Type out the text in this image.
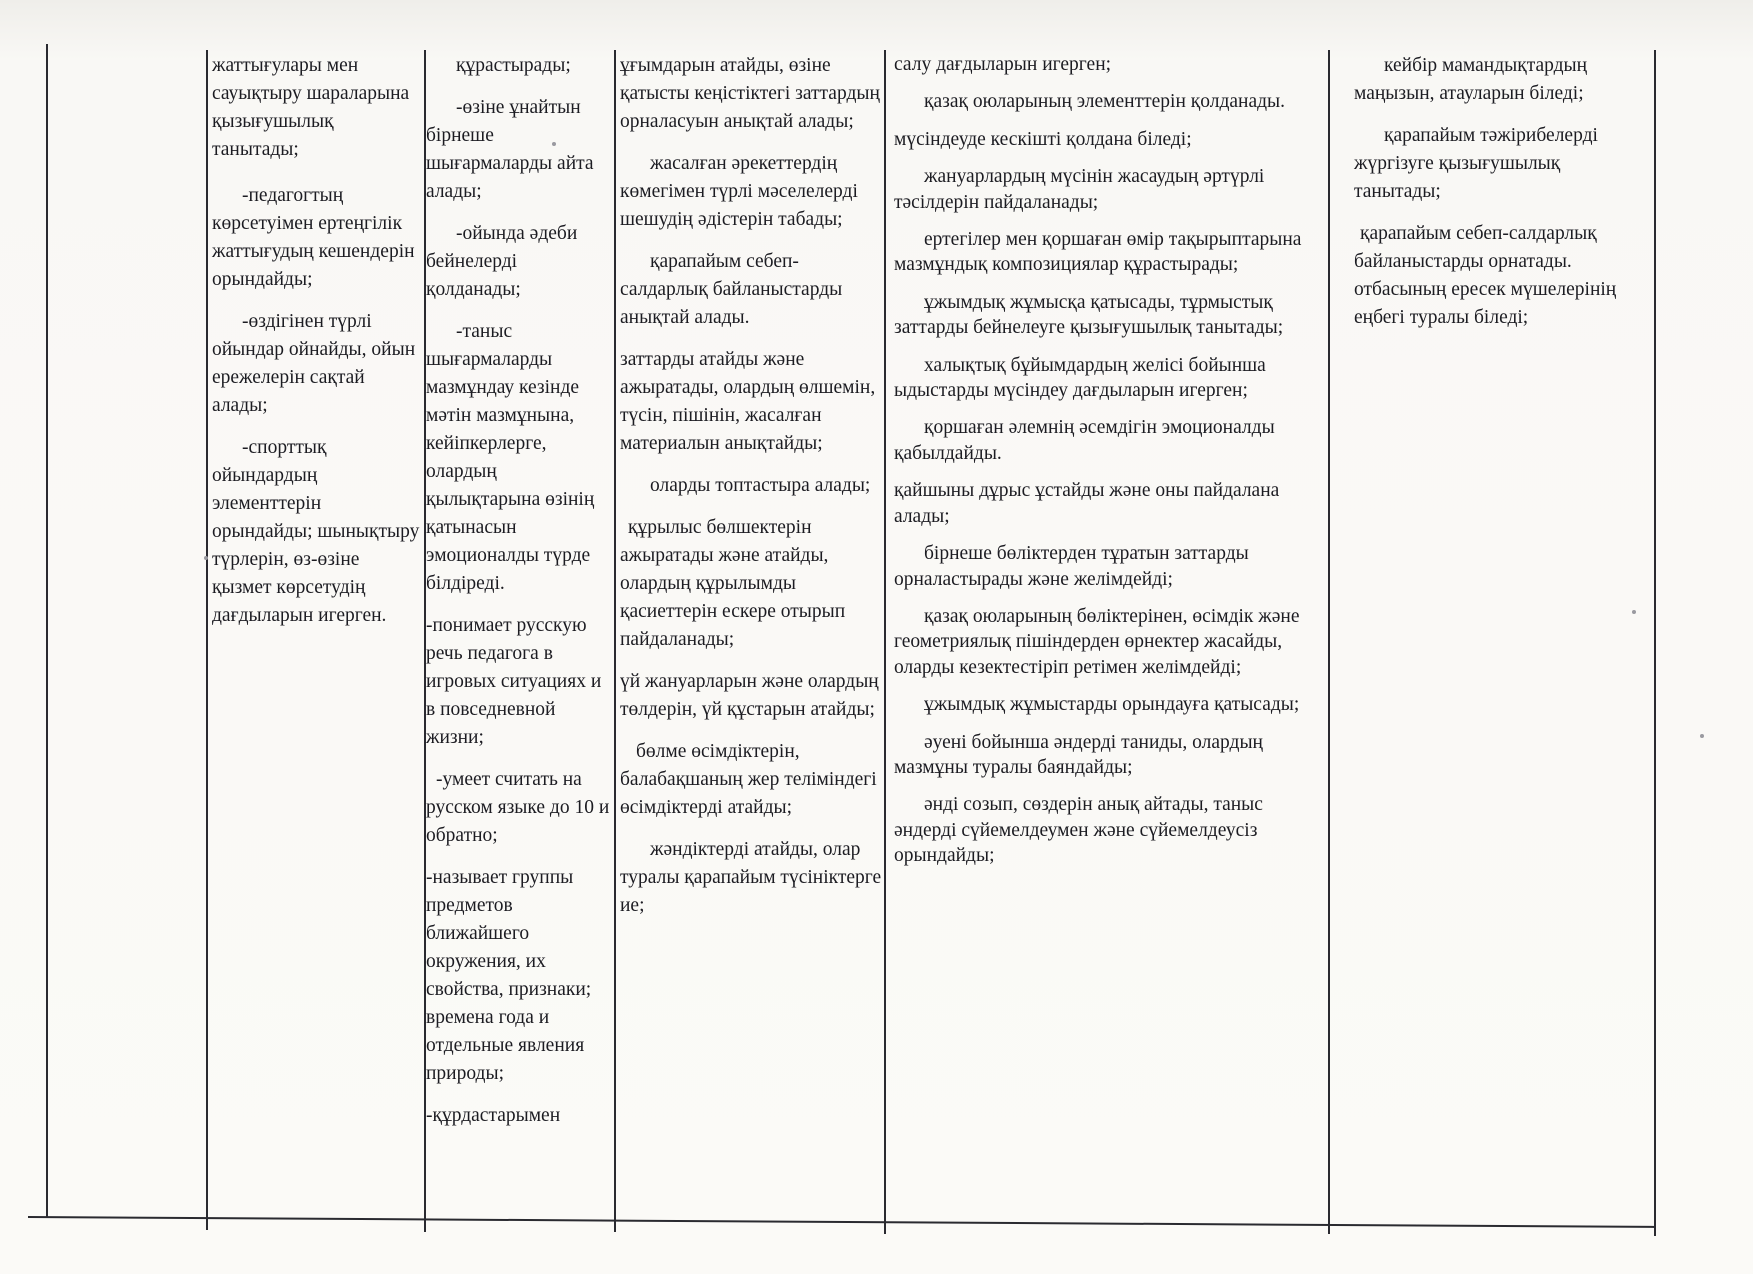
жаттығулары мен сауықтыру шараларына қызығушылық танытады;

-педагогтың көрсетуімен ертеңгілік жаттығудың кешендерін орындайды;

-өздігінен түрлі ойындар ойнайды, ойын ережелерін сақтай алады;

-спорттық ойындардың элементтерін орындайды; шынықтыру түрлерін, өз-өзіне қызмет көрсетудің дағдыларын игерген.

құрастырады;

-өзіне ұнайтын бірнеше шығармаларды айта алады;

-ойында әдеби бейнелерді қолданады;

-таныс шығармаларды мазмұндау кезінде мәтін мазмұнына, кейіпкерлерге, олардың қылықтарына өзінің қатынасын эмоционалды түрде білдіреді.

-понимает русскую речь педагога в игровых ситуациях и в повседневной жизни;

-умеет считать на русском языке до 10 и обратно;

-называет группы предметов ближайшего окружения, их свойства, признаки; времена года и отдельные явления природы;

-құрдастарымен

ұғымдарын атайды, өзіне қатысты кеңістіктегі заттардың орналасуын анықтай алады;

жасалған әрекеттердің көмегімен түрлі мәселелерді шешудің әдістерін табады;

қарапайым себеп-салдарлық байланыстарды анықтай алады.

заттарды атайды және ажыратады, олардың өлшемін, түсін, пішінін, жасалған материалын анықтайды;

оларды топтастыра алады;

құрылыс бөлшектерін ажыратады және атайды, олардың құрылымды қасиеттерін ескере отырып пайдаланады;

үй жануарларын және олардың төлдерін, үй құстарын атайды;

бөлме өсімдіктерін, балабақшаның жер теліміндегі өсімдіктерді атайды;

жәндіктерді атайды, олар туралы қарапайым түсініктерге ие;

салу дағдыларын игерген;

қазақ оюларының элементтерін қолданады.

мүсіндеуде кескішті қолдана біледі;

жануарлардың мүсінін жасаудың әртүрлі тәсілдерін пайдаланады;

ертегілер мен қоршаған өмір тақырыптарына мазмұндық композициялар құрастырады;

ұжымдық жұмысқа қатысады, тұрмыстық заттарды бейнелеуге қызығушылық танытады;

халықтық бұйымдардың желісі бойынша ыдыстарды мүсіндеу дағдыларын игерген;

қоршаған әлемнің әсемдігін эмоционалды қабылдайды.

қайшыны дұрыс ұстайды және оны пайдалана алады;

бірнеше бөліктерден тұратын заттарды орналастырады және желімдейді;

қазақ оюларының бөліктерінен, өсімдік және геометриялық пішіндерден өрнектер жасайды, оларды кезектестіріп ретімен желімдейді;

ұжымдық жұмыстарды орындауға қатысады;

әуені бойынша әндерді таниды, олардың мазмұны туралы баяндайды;

әнді созып, сөздерін анық айтады, таныс әндерді сүйемелдеумен және сүйемелдеусіз орындайды;

кейбір мамандықтардың маңызын, атауларын біледі;

қарапайым тәжірибелерді жүргізуге қызығушылық танытады;

қарапайым себеп-салдарлық байланыстарды орнатады.

отбасының ересек мүшелерінің еңбегі туралы біледі;
